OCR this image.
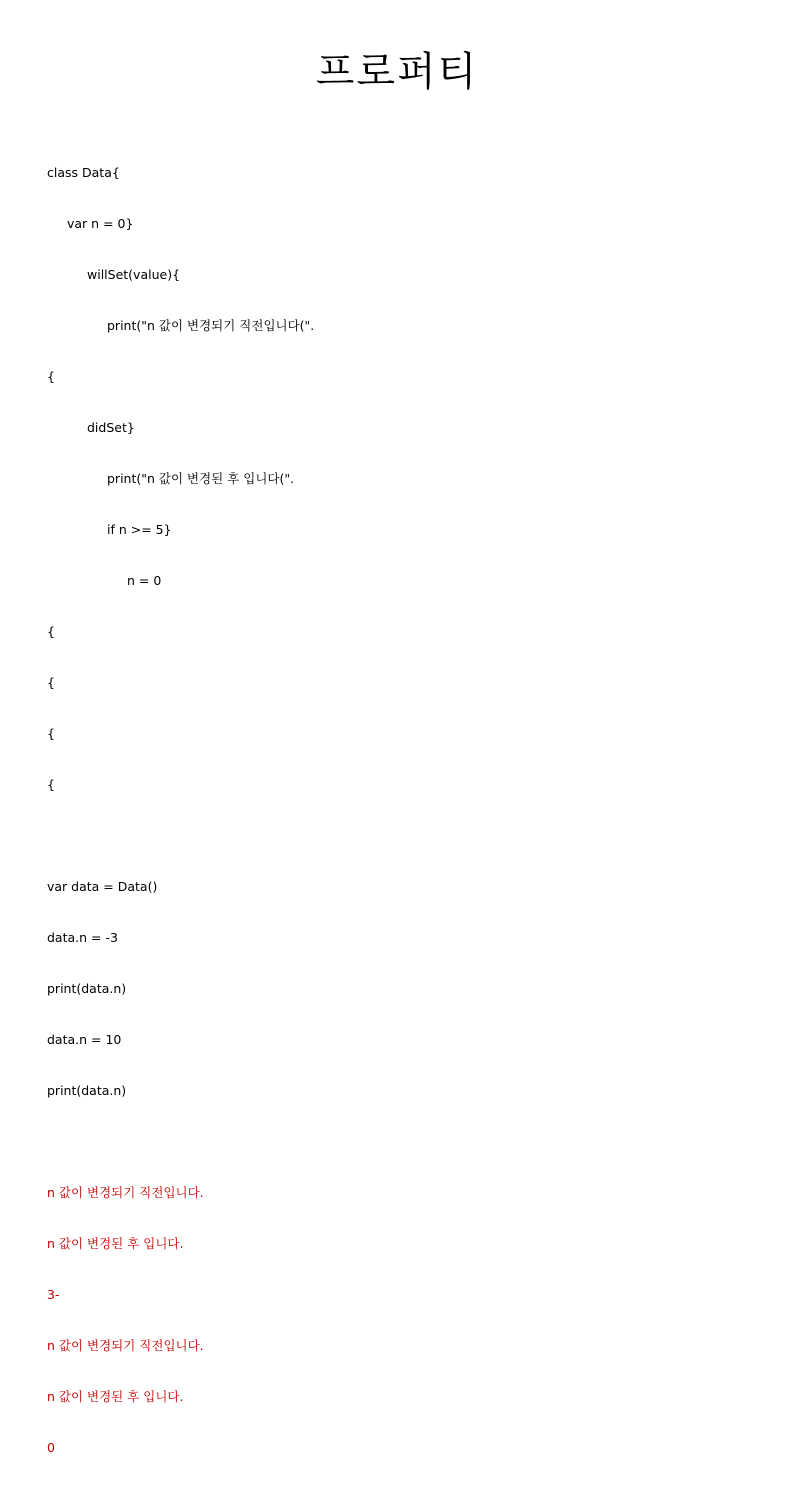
프로퍼티

class Data{

var n = 0}

willSet(value){

print("n 값이 변경되기 직전입니다(".

{

didSet}

print("n 값이 변경된 후 입니다(".

if n >= 5}

n = 0

{

{

{

{

var data = Data()

data.n = -3

print(data.n)

data.n = 10

print(data.n)

n 값이 변경되기 직전입니다.

n 값이 변경된 후 입니다.

3-

n 값이 변경되기 직전입니다.

n 값이 변경된 후 입니다.

0
